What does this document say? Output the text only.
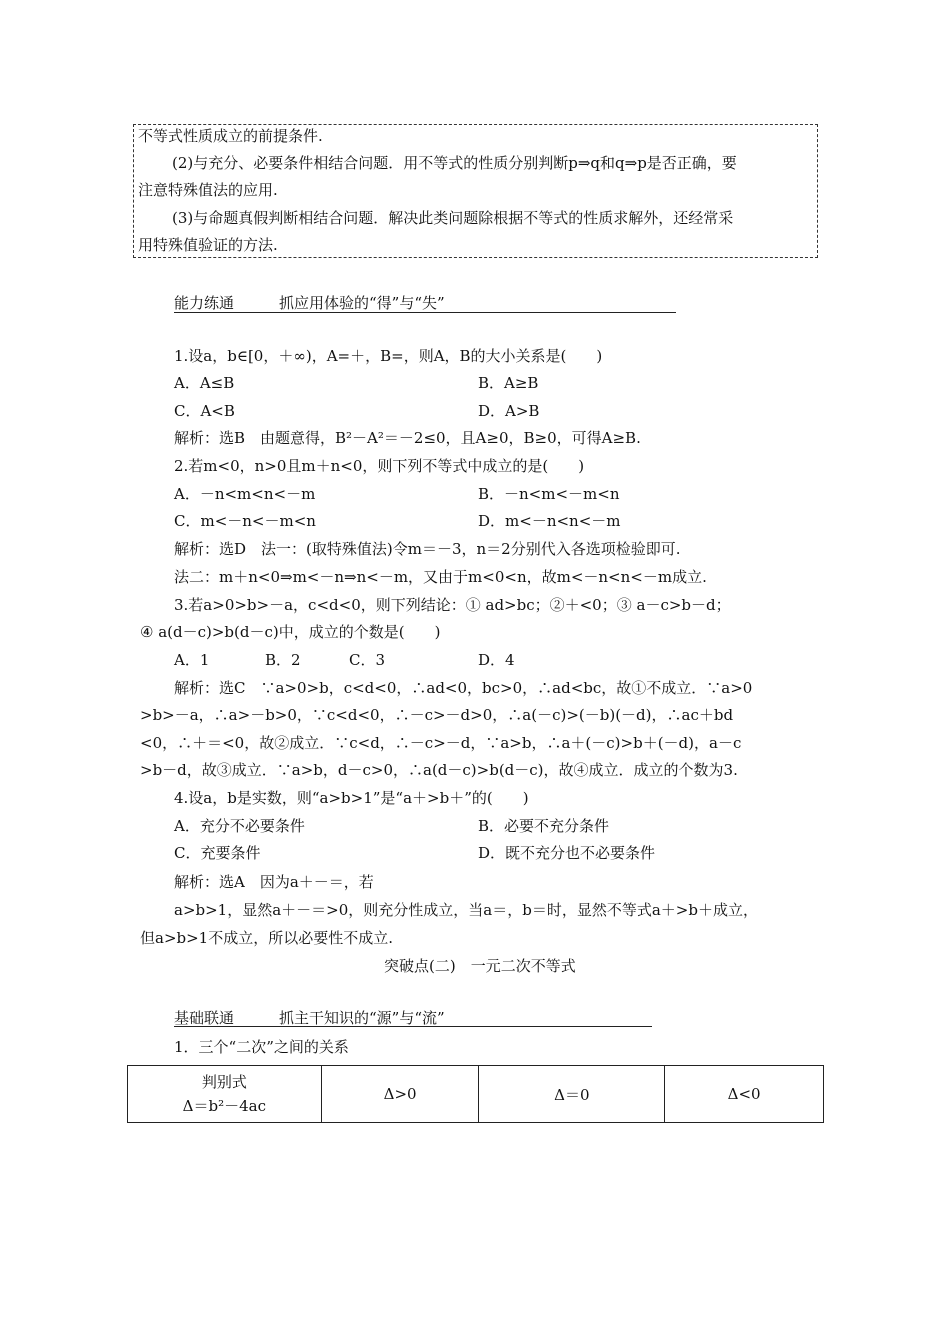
不等式性质成立的前提条件.
(2)与充分、必要条件相结合问题．用不等式的性质分别判断p⇒q和q⇒p是否正确，要
注意特殊值法的应用.
(3)与命题真假判断相结合问题．解决此类问题除根据不等式的性质求解外，还经常采
用特殊值验证的方法.
能力练通　　　抓应用体验的“得”与“失”
1.设a，b∈[0，＋∞)，A=＋，B=，则A，B的大小关系是(　　)
A．A≤B	B．A≥B
C．A<B	D．A>B
解析：选B　由题意得，B²－A²＝－2≤0，且A≥0，B≥0，可得A≥B.
2.若m<0，n>0且m＋n<0，则下列不等式中成立的是(　　)
A．－n<m<n<－m	B．－n<m<－m<n
C．m<－n<－m<n	D．m<－n<n<－m
解析：选D　法一：(取特殊值法)令m＝－3，n＝2分别代入各选项检验即可.
法二：m＋n<0⇒m<－n⇒n<－m，又由于m<0<n，故m<－n<n<－m成立.
3.若a>0>b>－a，c<d<0，则下列结论：① ad>bc；②＋<0；③ a－c>b－d；
④ a(d－c)>b(d－c)中，成立的个数是(　　)
A．1	B．2	C．3	D．4
解析：选C　∵a>0>b，c<d<0，∴ad<0，bc>0，∴ad<bc，故①不成立．∵a>0
>b>－a，∴a>－b>0，∵c<d<0，∴－c>－d>0，∴a(－c)>(－b)(－d)，∴ac＋bd
<0，∴＋＝<0，故②成立．∵c<d，∴－c>－d，∵a>b，∴a＋(－c)>b＋(－d)，a－c
>b－d，故③成立．∵a>b，d－c>0，∴a(d－c)>b(d－c)，故④成立．成立的个数为3.
4.设a，b是实数，则“a>b>1”是“a＋>b＋”的(　　)
A．充分不必要条件	B．必要不充分条件
C．充要条件	D．既不充分也不必要条件
解析：选A　因为a＋－＝，若
a>b>1，显然a＋－＝>0，则充分性成立，当a＝，b＝时，显然不等式a＋>b＋成立，
但a>b>1不成立，所以必要性不成立.
突破点(二)　一元二次不等式
基础联通　　　抓主干知识的“源”与“流”
1．三个“二次”之间的关系
判别式
Δ＝b²－4ac
	Δ>0	Δ＝0	Δ<0
